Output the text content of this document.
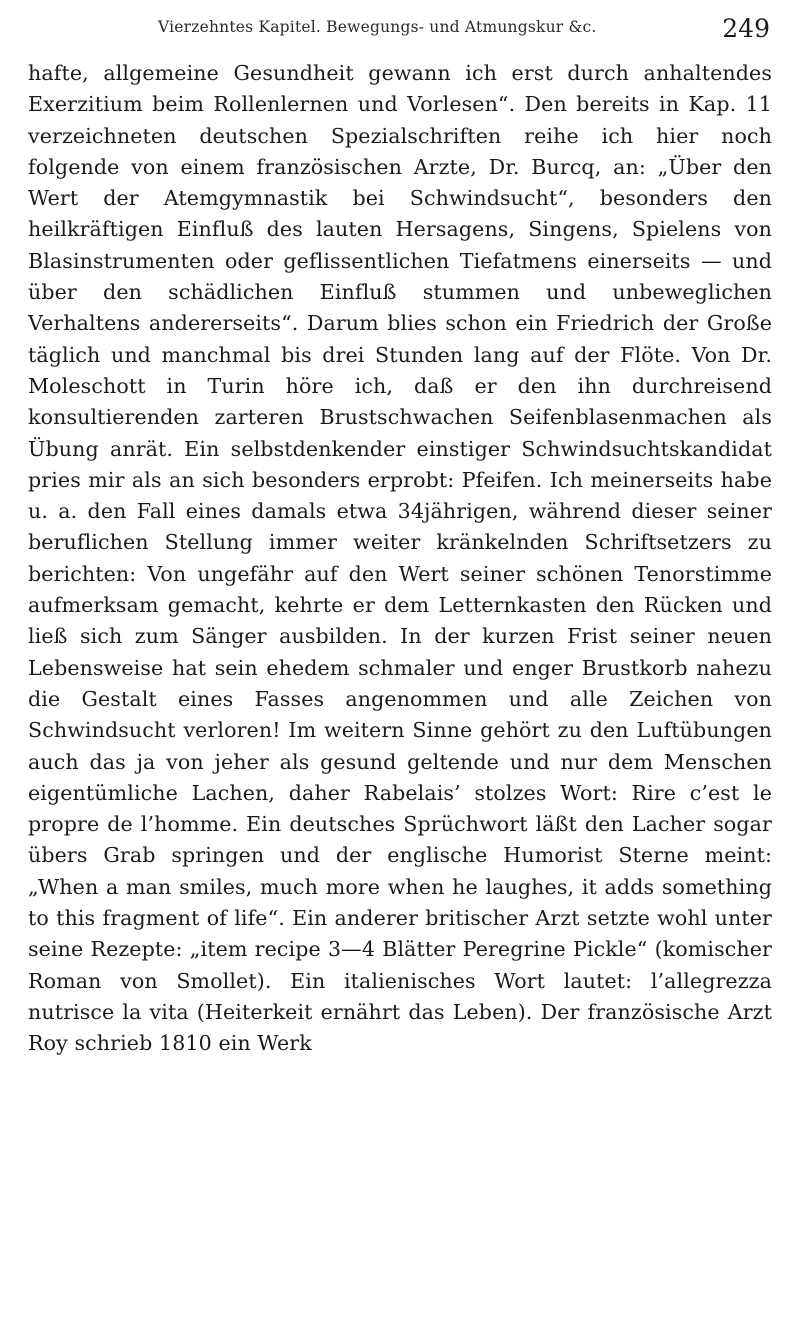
Vierzehntes Kapitel. Bewegungs- und Atmungskur &c.	249

hafte, allgemeine Gesundheit gewann ich erst durch anhaltendes Exerzitium beim Rollenlernen und Vorlesen“. Den bereits in Kap. 11 verzeichneten deutschen Spezialschriften reihe ich hier noch folgende von einem französischen Arzte, Dr. Burcq, an: „Über den Wert der Atemgymnastik bei Schwindsucht“, besonders den heilkräftigen Einfluß des lauten Hersagens, Singens, Spielens von Blasinstrumenten oder geflissentlichen Tiefatmens einerseits — und über den schädlichen Einfluß stummen und unbeweglichen Verhaltens andererseits“. Darum blies schon ein Friedrich der Große täglich und manchmal bis drei Stunden lang auf der Flöte. Von Dr. Moleschott in Turin höre ich, daß er den ihn durchreisend konsultierenden zarteren Brustschwachen Seifenblasenmachen als Übung anrät. Ein selbstdenkender einstiger Schwindsuchtskandidat pries mir als an sich besonders erprobt: Pfeifen. Ich meinerseits habe u. a. den Fall eines damals etwa 34jährigen, während dieser seiner beruflichen Stellung immer weiter kränkelnden Schriftsetzers zu berichten: Von ungefähr auf den Wert seiner schönen Tenorstimme aufmerksam gemacht, kehrte er dem Letternkasten den Rücken und ließ sich zum Sänger ausbilden. In der kurzen Frist seiner neuen Lebensweise hat sein ehedem schmaler und enger Brustkorb nahezu die Gestalt eines Fasses angenommen und alle Zeichen von Schwindsucht verloren! Im weitern Sinne gehört zu den Luftübungen auch das ja von jeher als gesund geltende und nur dem Menschen eigentümliche Lachen, daher Rabelais’ stolzes Wort: Rire c’est le propre de l’homme. Ein deutsches Sprüchwort läßt den Lacher sogar übers Grab springen und der englische Humorist Sterne meint: „When a man smiles, much more when he laughes, it adds something to this fragment of life“. Ein anderer britischer Arzt setzte wohl unter seine Rezepte: „item recipe 3—4 Blätter Peregrine Pickle“ (komischer Roman von Smollet). Ein italienisches Wort lautet: l’allegrezza nutrisce la vita (Heiterkeit ernährt das Leben). Der französische Arzt Roy schrieb 1810 ein Werk
